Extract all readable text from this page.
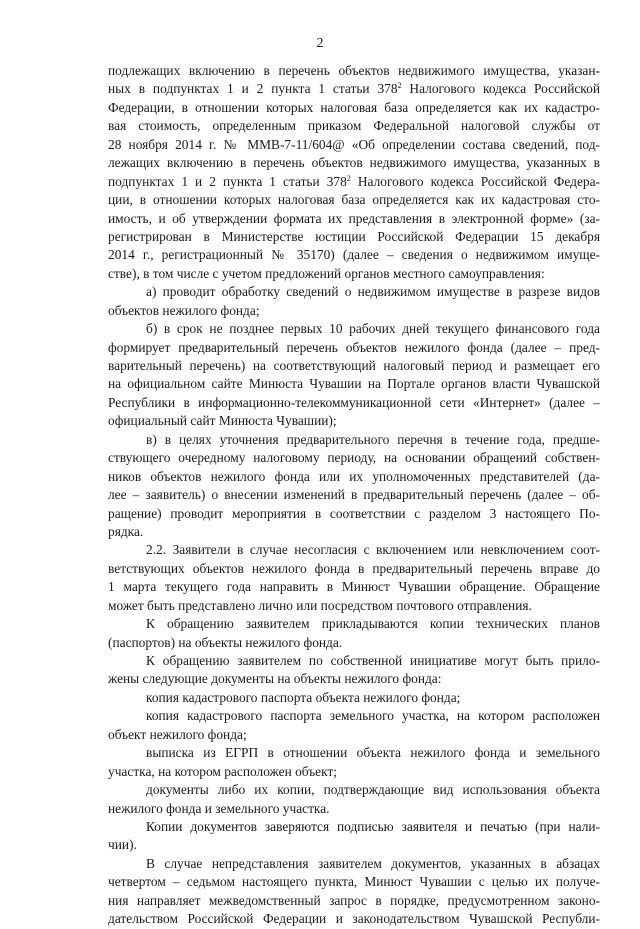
2
подлежащих включению в перечень объектов недвижимого имущества, указан-
ных в подпунктах 1 и 2 пункта 1 статьи $378^2$ Налогового кодекса Российской
Федерации, в отношении которых налоговая база определяется как их кадастро-
вая стоимость, определенным приказом Федеральной налоговой службы от
28 ноября 2014 г. № ММВ-7-11/604@ «Об определении состава сведений, под-
лежащих включению в перечень объектов недвижимого имущества, указанных в
подпунктах 1 и 2 пункта 1 статьи $378^2$ Налогового кодекса Российской Федера-
ции, в отношении которых налоговая база определяется как их кадастровая сто-
имость, и об утверждении формата их представления в электронной форме» (за-
регистрирован в Министерстве юстиции Российской Федерации 15 декабря
2014 г., регистрационный № 35170) (далее – сведения о недвижимом имуще-
стве), в том числе с учетом предложений органов местного самоуправления:
а) проводит обработку сведений о недвижимом имуществе в разрезе видов
объектов нежилого фонда;
б) в срок не позднее первых 10 рабочих дней текущего финансового года
формирует предварительный перечень объектов нежилого фонда (далее – пред-
варительный перечень) на соответствующий налоговый период и размещает его
на официальном сайте Минюста Чувашии на Портале органов власти Чувашской
Республики в информационно-телекоммуникационной сети «Интернет» (далее –
официальный сайт Минюста Чувашии);
в) в целях уточнения предварительного перечня в течение года, предше-
ствующего очередному налоговому периоду, на основании обращений собствен-
ников объектов нежилого фонда или их уполномоченных представителей (да-
лее – заявитель) о внесении изменений в предварительный перечень (далее – об-
ращение) проводит мероприятия в соответствии с разделом 3 настоящего По-
рядка.
2.2. Заявители в случае несогласия с включением или невключением соот-
ветствующих объектов нежилого фонда в предварительный перечень вправе до
1 марта текущего года направить в Минюст Чувашии обращение. Обращение
может быть представлено лично или посредством почтового отправления.
К обращению заявителем прикладываются копии технических планов
(паспортов) на объекты нежилого фонда.
К обращению заявителем по собственной инициативе могут быть прило-
жены следующие документы на объекты нежилого фонда:
копия кадастрового паспорта объекта нежилого фонда;
копия кадастрового паспорта земельного участка, на котором расположен
объект нежилого фонда;
выписка из ЕГРП в отношении объекта нежилого фонда и земельного
участка, на котором расположен объект;
документы либо их копии, подтверждающие вид использования объекта
нежилого фонда и земельного участка.
Копии документов заверяются подписью заявителя и печатью (при нали-
чии).
В случае непредставления заявителем документов, указанных в абзацах
четвертом – седьмом настоящего пункта, Минюст Чувашии с целью их получе-
ния направляет межведомственный запрос в порядке, предусмотренном законо-
дательством Российской Федерации и законодательством Чувашской Республи-
